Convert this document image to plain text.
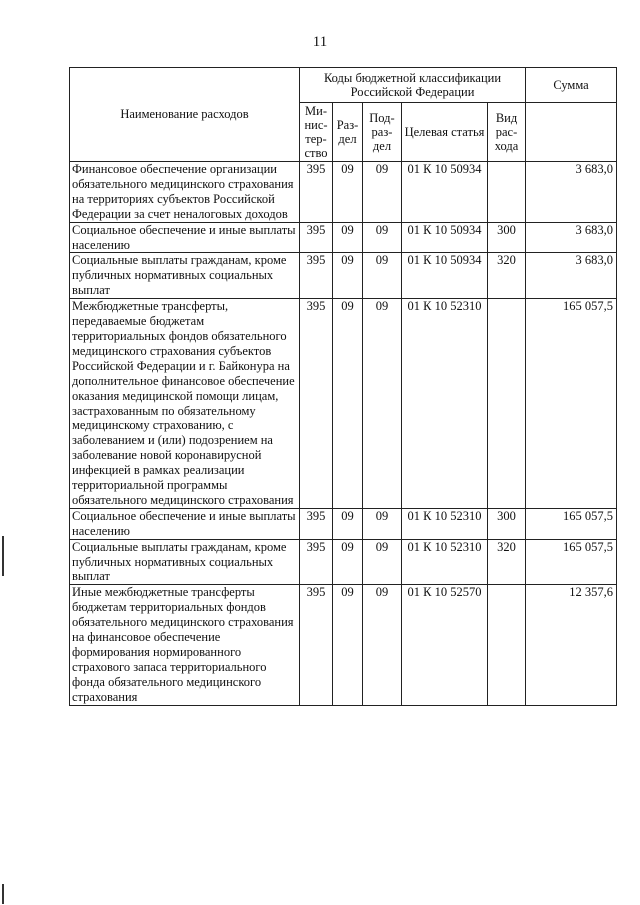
11
Наименование расходов	Коды бюджетной классификации Российской Федерации					Сумма
	Ми-нис-тер-ство	Раз-дел	Под-раз-дел	Целевая статья	Вид рас-хода	
Финансовое обеспечение организации обязательного медицинского страхования на территориях субъектов Российской Федерации за счет неналоговых доходов	395	09	09	01 К 10 50934		3 683,0
Социальное обеспечение и иные выплаты населению	395	09	09	01 К 10 50934	300	3 683,0
Социальные выплаты гражданам, кроме публичных нормативных социальных выплат	395	09	09	01 К 10 50934	320	3 683,0
Межбюджетные трансферты, передаваемые бюджетам территориальных фондов обязательного медицинского страхования субъектов Российской Федерации и г. Байконура на дополнительное финансовое обеспечение оказания медицинской помощи лицам, застрахованным по обязательному медицинскому страхованию, с заболеванием и (или) подозрением на заболевание новой коронавирусной инфекцией в рамках реализации территориальной программы обязательного медицинского страхования	395	09	09	01 К 10 52310		165 057,5
Социальное обеспечение и иные выплаты населению	395	09	09	01 К 10 52310	300	165 057,5
Социальные выплаты гражданам, кроме публичных нормативных социальных выплат	395	09	09	01 К 10 52310	320	165 057,5
Иные межбюджетные трансферты бюджетам территориальных фондов обязательного медицинского страхования на финансовое обеспечение формирования нормированного страхового запаса территориального фонда обязательного медицинского страхования	395	09	09	01 К 10 52570		12 357,6
